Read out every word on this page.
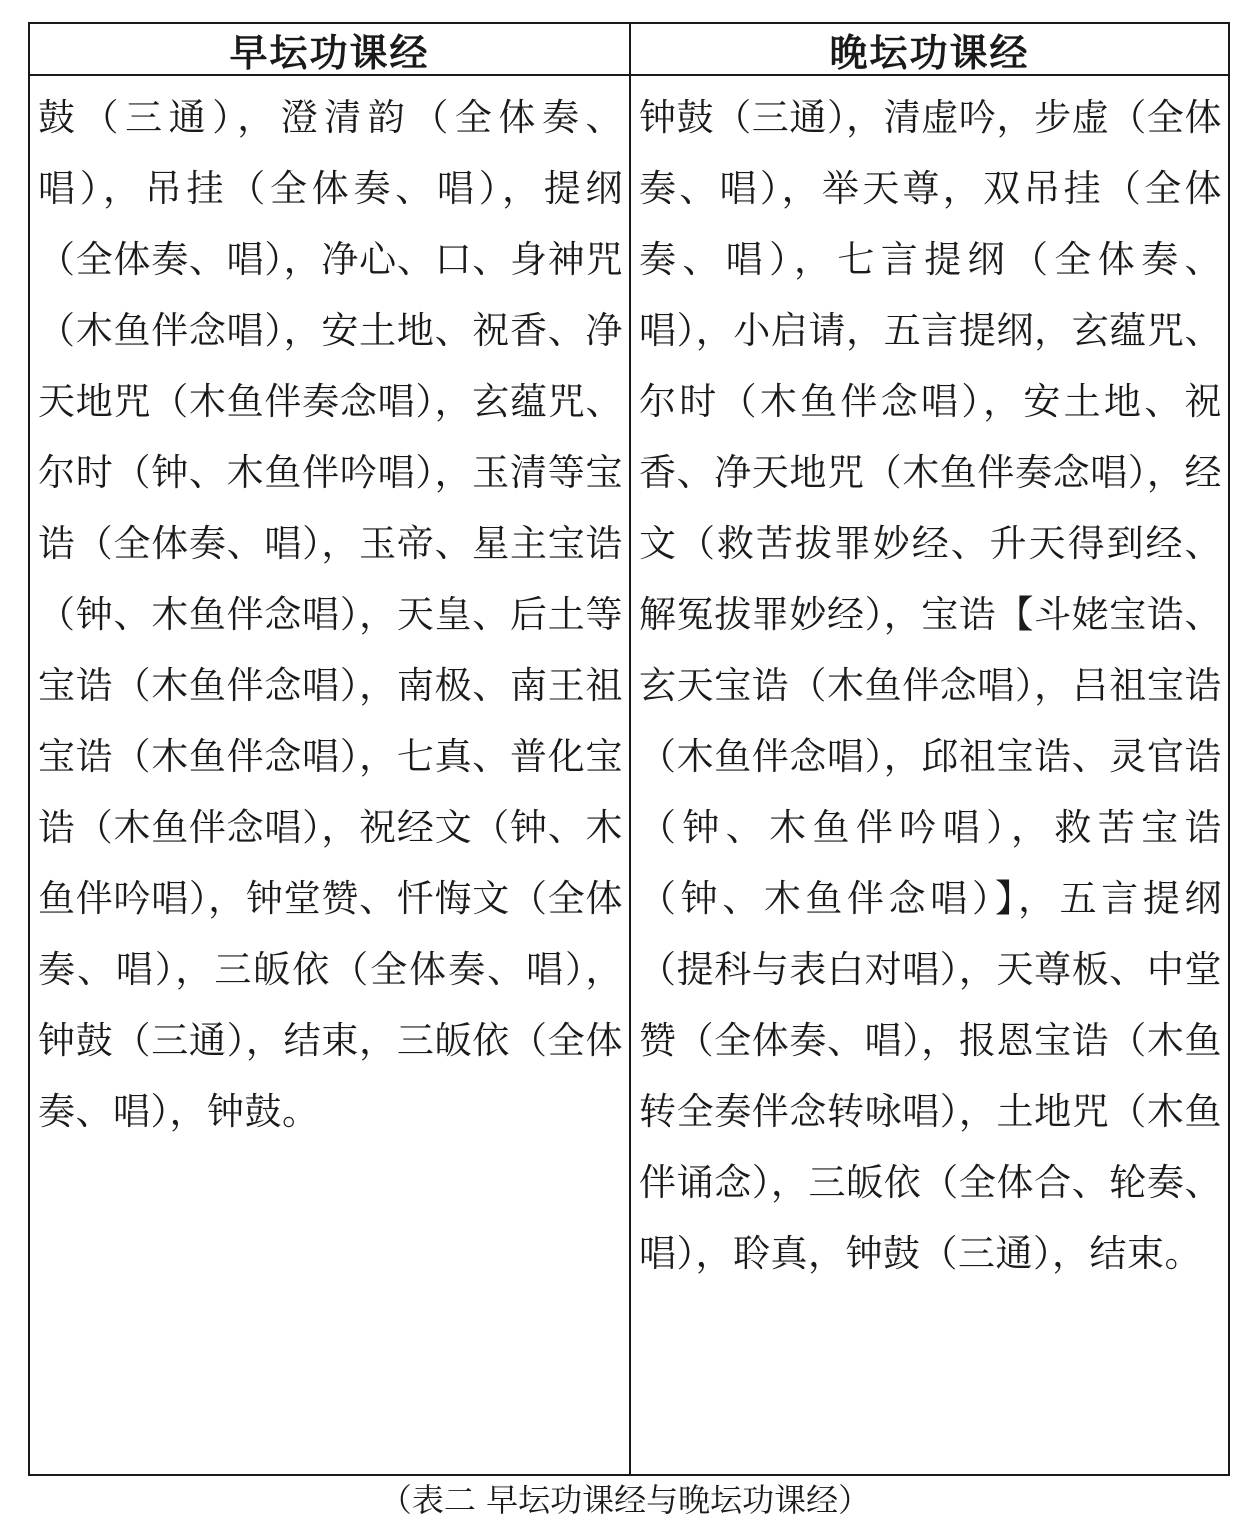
早坛功课经	晚坛功课经
鼓（三通），澄清韵（全体奏、唱），吊挂（全体奏、唱），提纲（全体奏、唱），净心、口、身神咒（木鱼伴念唱），安土地、祝香、净天地咒（木鱼伴奏念唱），玄蕴咒、尔时（钟、木鱼伴吟唱），玉清等宝诰（全体奏、唱），玉帝、星主宝诰（钟、木鱼伴念唱），天皇、后土等宝诰（木鱼伴念唱），南极、南王祖宝诰（木鱼伴念唱），七真、普化宝诰（木鱼伴念唱），祝经文（钟、木鱼伴吟唱），钟堂赞、忏悔文（全体奏、唱），三皈依（全体奏、唱），钟鼓（三通），结束，三皈依（全体奏、唱），钟鼓。
钟鼓（三通），清虚吟，步虚（全体奏、唱），举天尊，双吊挂（全体奏、唱），七言提纲（全体奏、唱），小启请，五言提纲，玄蕴咒、尔时（木鱼伴念唱），安土地、祝香、净天地咒（木鱼伴奏念唱），经文（救苦拔罪妙经、升天得到经、解冤拔罪妙经），宝诰【斗姥宝诰、玄天宝诰（木鱼伴念唱），吕祖宝诰（木鱼伴念唱），邱祖宝诰、灵官诰（钟、木鱼伴吟唱），救苦宝诰（钟、木鱼伴念唱）】，五言提纲（提科与表白对唱），天尊板、中堂赞（全体奏、唱），报恩宝诰（木鱼转全奏伴念转咏唱），土地咒（木鱼伴诵念），三皈依（全体合、轮奏、唱），聆真，钟鼓（三通），结束。
（表二 早坛功课经与晚坛功课经）
